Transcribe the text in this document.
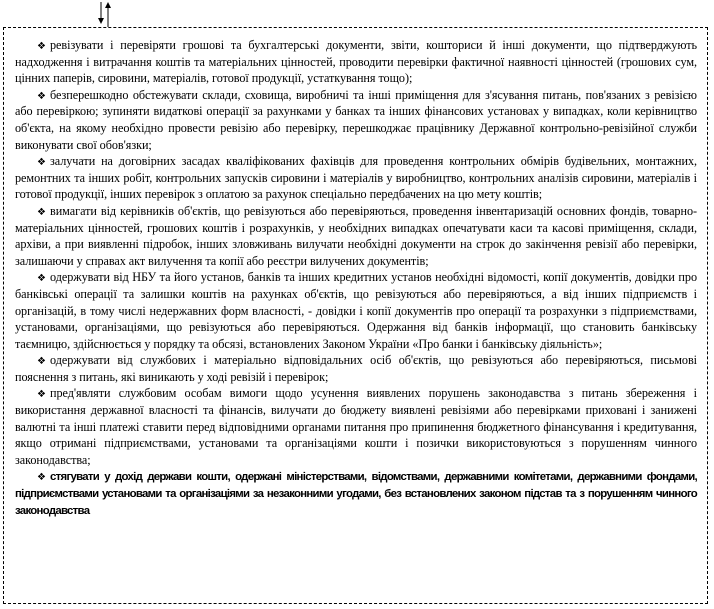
❖ ревізувати і перевіряти грошові та бухгалтерські документи, звіти, кошториси й інші документи, що підтверджують надходження і витрачання коштів та матеріальних цінностей, проводити перевірки фактичної наявності цінностей (грошових сум, цінних паперів, сировини, матеріалів, готової продукції, устаткування тощо);

❖ безперешкодно обстежувати склади, сховища, виробничі та інші приміщення для з'ясування питань, пов'язаних з ревізією або перевіркою; зупиняти видаткові операції за рахунками у банках та інших фінансових установах у випадках, коли керівництво об'єкта, на якому необхідно провести ревізію або перевірку, перешкоджає працівнику Державної контрольно-ревізійної служби виконувати свої обов'язки;

❖ залучати на договірних засадах кваліфікованих фахівців для проведення контрольних обмірів будівельних, монтажних, ремонтних та інших робіт, контрольних запусків сировини і матеріалів у виробництво, контрольних аналізів сировини, матеріалів і готової продукції, інших перевірок з оплатою за рахунок спеціально передбачених на цю мету коштів;

❖ вимагати від керівників об'єктів, що ревізуються або перевіряються, проведення інвентаризацій основних фондів, товарно-матеріальних цінностей, грошових коштів і розрахунків, у необхідних випадках опечатувати каси та касові приміщення, склади, архіви, а при виявленні підробок, інших зловживань вилучати необхідні документи на строк до закінчення ревізії або перевірки, залишаючи у справах акт вилучення та копії або реєстри вилучених документів;

❖ одержувати від НБУ та його установ, банків та інших кредитних установ необхідні відомості, копії документів, довідки про банківські операції та залишки коштів на рахунках об'єктів, що ревізуються або перевіряються, а від інших підприємств і організацій, в тому числі недержавних форм власності, - довідки і копії документів про операції та розрахунки з підприємствами, установами, організаціями, що ревізуються або перевіряються. Одержання від банків інформації, що становить банківську таємницю, здійснюється у порядку та обсязі, встановлених Законом України «Про банки і банківську діяльність»;

❖ одержувати від службових і матеріально відповідальних осіб об'єктів, що ревізуються або перевіряються, письмові пояснення з питань, які виникають у ході ревізій і перевірок;

❖ пред'являти службовим особам вимоги щодо усунення виявлених порушень законодавства з питань збереження і використання державної власності та фінансів, вилучати до бюджету виявлені ревізіями або перевірками приховані і занижені валютні та інші платежі ставити перед відповідними органами питання про припинення бюджетного фінансування і кредитування, якщо отримані підприємствами, установами та організаціями кошти і позички використовуються з порушенням чинного законодавства;

❖ стягувати у дохід держави кошти, одержані міністерствами, відомствами, державними комітетами, державними фондами, підприємствами установами та організаціями за незаконними угодами, без встановлених законом підстав та з порушенням чинного законодавства
